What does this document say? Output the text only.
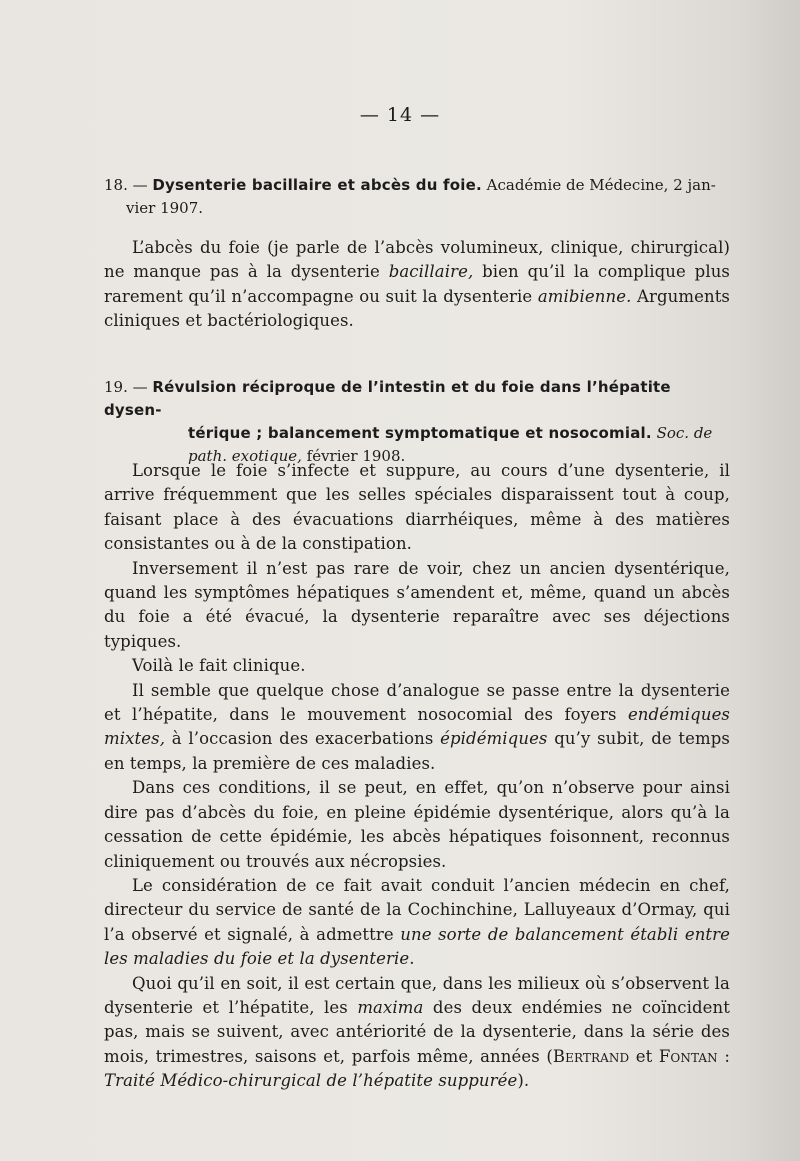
— 14 —
18. — Dysenterie bacillaire et abcès du foie. Académie de Médecine, 2 jan-
vier 1907.

L’abcès du foie (je parle de l’abcès volumineux, clinique, chirurgical) ne manque pas à la dysenterie bacillaire, bien qu’il la complique plus rarement qu’il n’accompagne ou suit la dysenterie amibienne. Arguments cliniques et bactériologiques.

19. — Révulsion réciproque de l’intestin et du foie dans l’hépatite dysen-
térique ; balancement symptomatique et nosocomial. Soc. de path. exotique, février 1908.

Lorsque le foie s’infecte et suppure, au cours d’une dysenterie, il arrive fréquemment que les selles spéciales disparaissent tout à coup, faisant place à des évacuations diarrhéiques, même à des matières consistantes ou à de la constipation.

Inversement il n’est pas rare de voir, chez un ancien dysentérique, quand les symptômes hépatiques s’amendent et, même, quand un abcès du foie a été évacué, la dysenterie reparaître avec ses déjections typiques.

Voilà le fait clinique.

Il semble que quelque chose d’analogue se passe entre la dysenterie et l’hépatite, dans le mouvement nosocomial des foyers endémiques mixtes, à l’occasion des exacerbations épidémiques qu’y subit, de temps en temps, la première de ces maladies.

Dans ces conditions, il se peut, en effet, qu’on n’observe pour ainsi dire pas d’abcès du foie, en pleine épidémie dysentérique, alors qu’à la cessation de cette épidémie, les abcès hépatiques foisonnent, reconnus cliniquement ou trouvés aux nécropsies.

Le considération de ce fait avait conduit l’ancien médecin en chef, directeur du service de santé de la Cochinchine, Lalluyeaux d’Ormay, qui l’a observé et signalé, à admettre une sorte de balancement établi entre les maladies du foie et la dysenterie.

Quoi qu’il en soit, il est certain que, dans les milieux où s’observent la dysenterie et l’hépatite, les maxima des deux endémies ne coïncident pas, mais se suivent, avec antériorité de la dysenterie, dans la série des mois, trimestres, saisons et, parfois même, années (Bertrand et Fontan : Traité Médico-chirurgical de l’hépatite suppurée).
